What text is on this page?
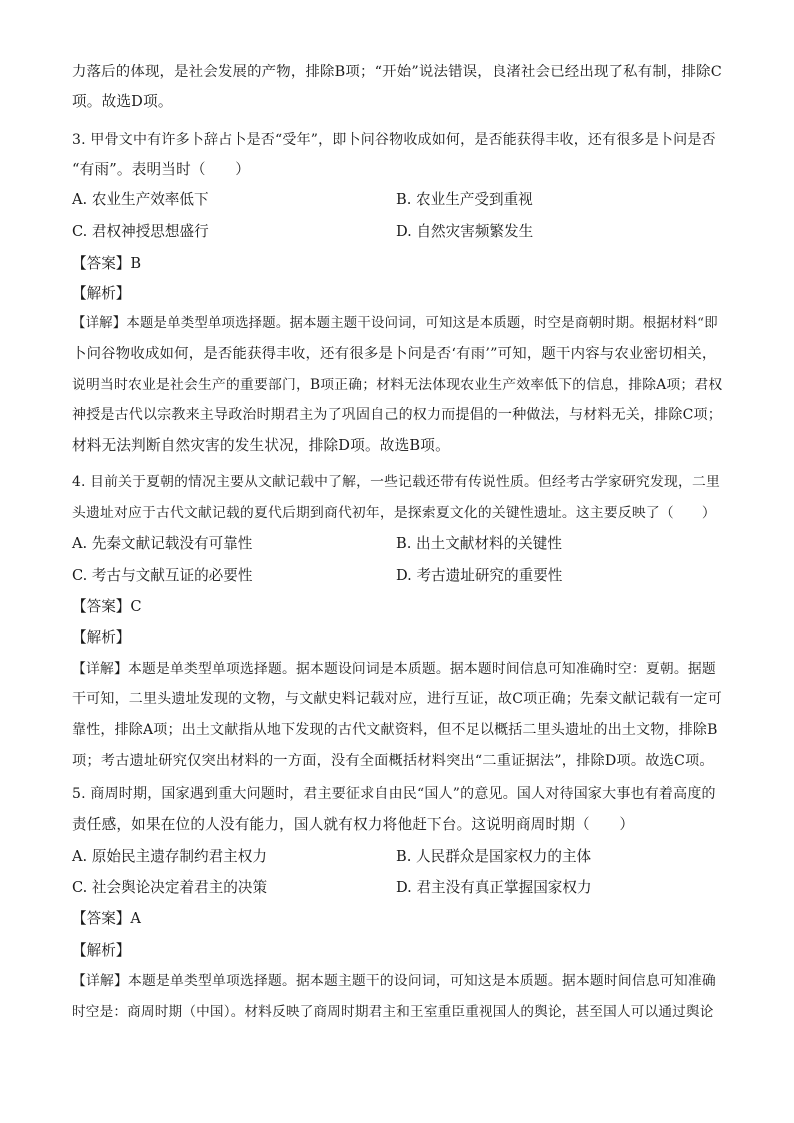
力落后的体现，是社会发展的产物，排除B项；“开始”说法错误，良渚社会已经出现了私有制，排除C
项。故选D项。
3. 甲骨文中有许多卜辞占卜是否“受年”，即卜问谷物收成如何，是否能获得丰收，还有很多是卜问是否
“有雨”。表明当时（　　）
A. 农业生产效率低下	B. 农业生产受到重视
C. 君权神授思想盛行	D. 自然灾害频繁发生
【答案】B
【解析】
【详解】本题是单类型单项选择题。据本题主题干设问词，可知这是本质题，时空是商朝时期。根据材料“即
卜问谷物收成如何，是否能获得丰收，还有很多是卜问是否‘有雨’”可知，题干内容与农业密切相关，
说明当时农业是社会生产的重要部门，B项正确；材料无法体现农业生产效率低下的信息，排除A项；君权
神授是古代以宗教来主导政治时期君主为了巩固自己的权力而提倡的一种做法，与材料无关，排除C项；
材料无法判断自然灾害的发生状况，排除D项。故选B项。
4. 目前关于夏朝的情况主要从文献记载中了解，一些记载还带有传说性质。但经考古学家研究发现，二里
头遗址对应于古代文献记载的夏代后期到商代初年，是探索夏文化的关键性遗址。这主要反映了（　　）
A. 先秦文献记载没有可靠性	B. 出土文献材料的关键性
C. 考古与文献互证的必要性	D. 考古遗址研究的重要性
【答案】C
【解析】
【详解】本题是单类型单项选择题。据本题设问词是本质题。据本题时间信息可知准确时空：夏朝。据题
干可知，二里头遗址发现的文物，与文献史料记载对应，进行互证，故C项正确；先秦文献记载有一定可
靠性，排除A项；出土文献指从地下发现的古代文献资料，但不足以概括二里头遗址的出土文物，排除B
项；考古遗址研究仅突出材料的一方面，没有全面概括材料突出“二重证据法”，排除D项。故选C项。
5. 商周时期，国家遇到重大问题时，君主要征求自由民“国人”的意见。国人对待国家大事也有着高度的
责任感，如果在位的人没有能力，国人就有权力将他赶下台。这说明商周时期（　　）
A. 原始民主遗存制约君主权力	B. 人民群众是国家权力的主体
C. 社会舆论决定着君主的决策	D. 君主没有真正掌握国家权力
【答案】A
【解析】
【详解】本题是单类型单项选择题。据本题主题干的设问词，可知这是本质题。据本题时间信息可知准确
时空是：商周时期（中国）。材料反映了商周时期君主和王室重臣重视国人的舆论，甚至国人可以通过舆论
